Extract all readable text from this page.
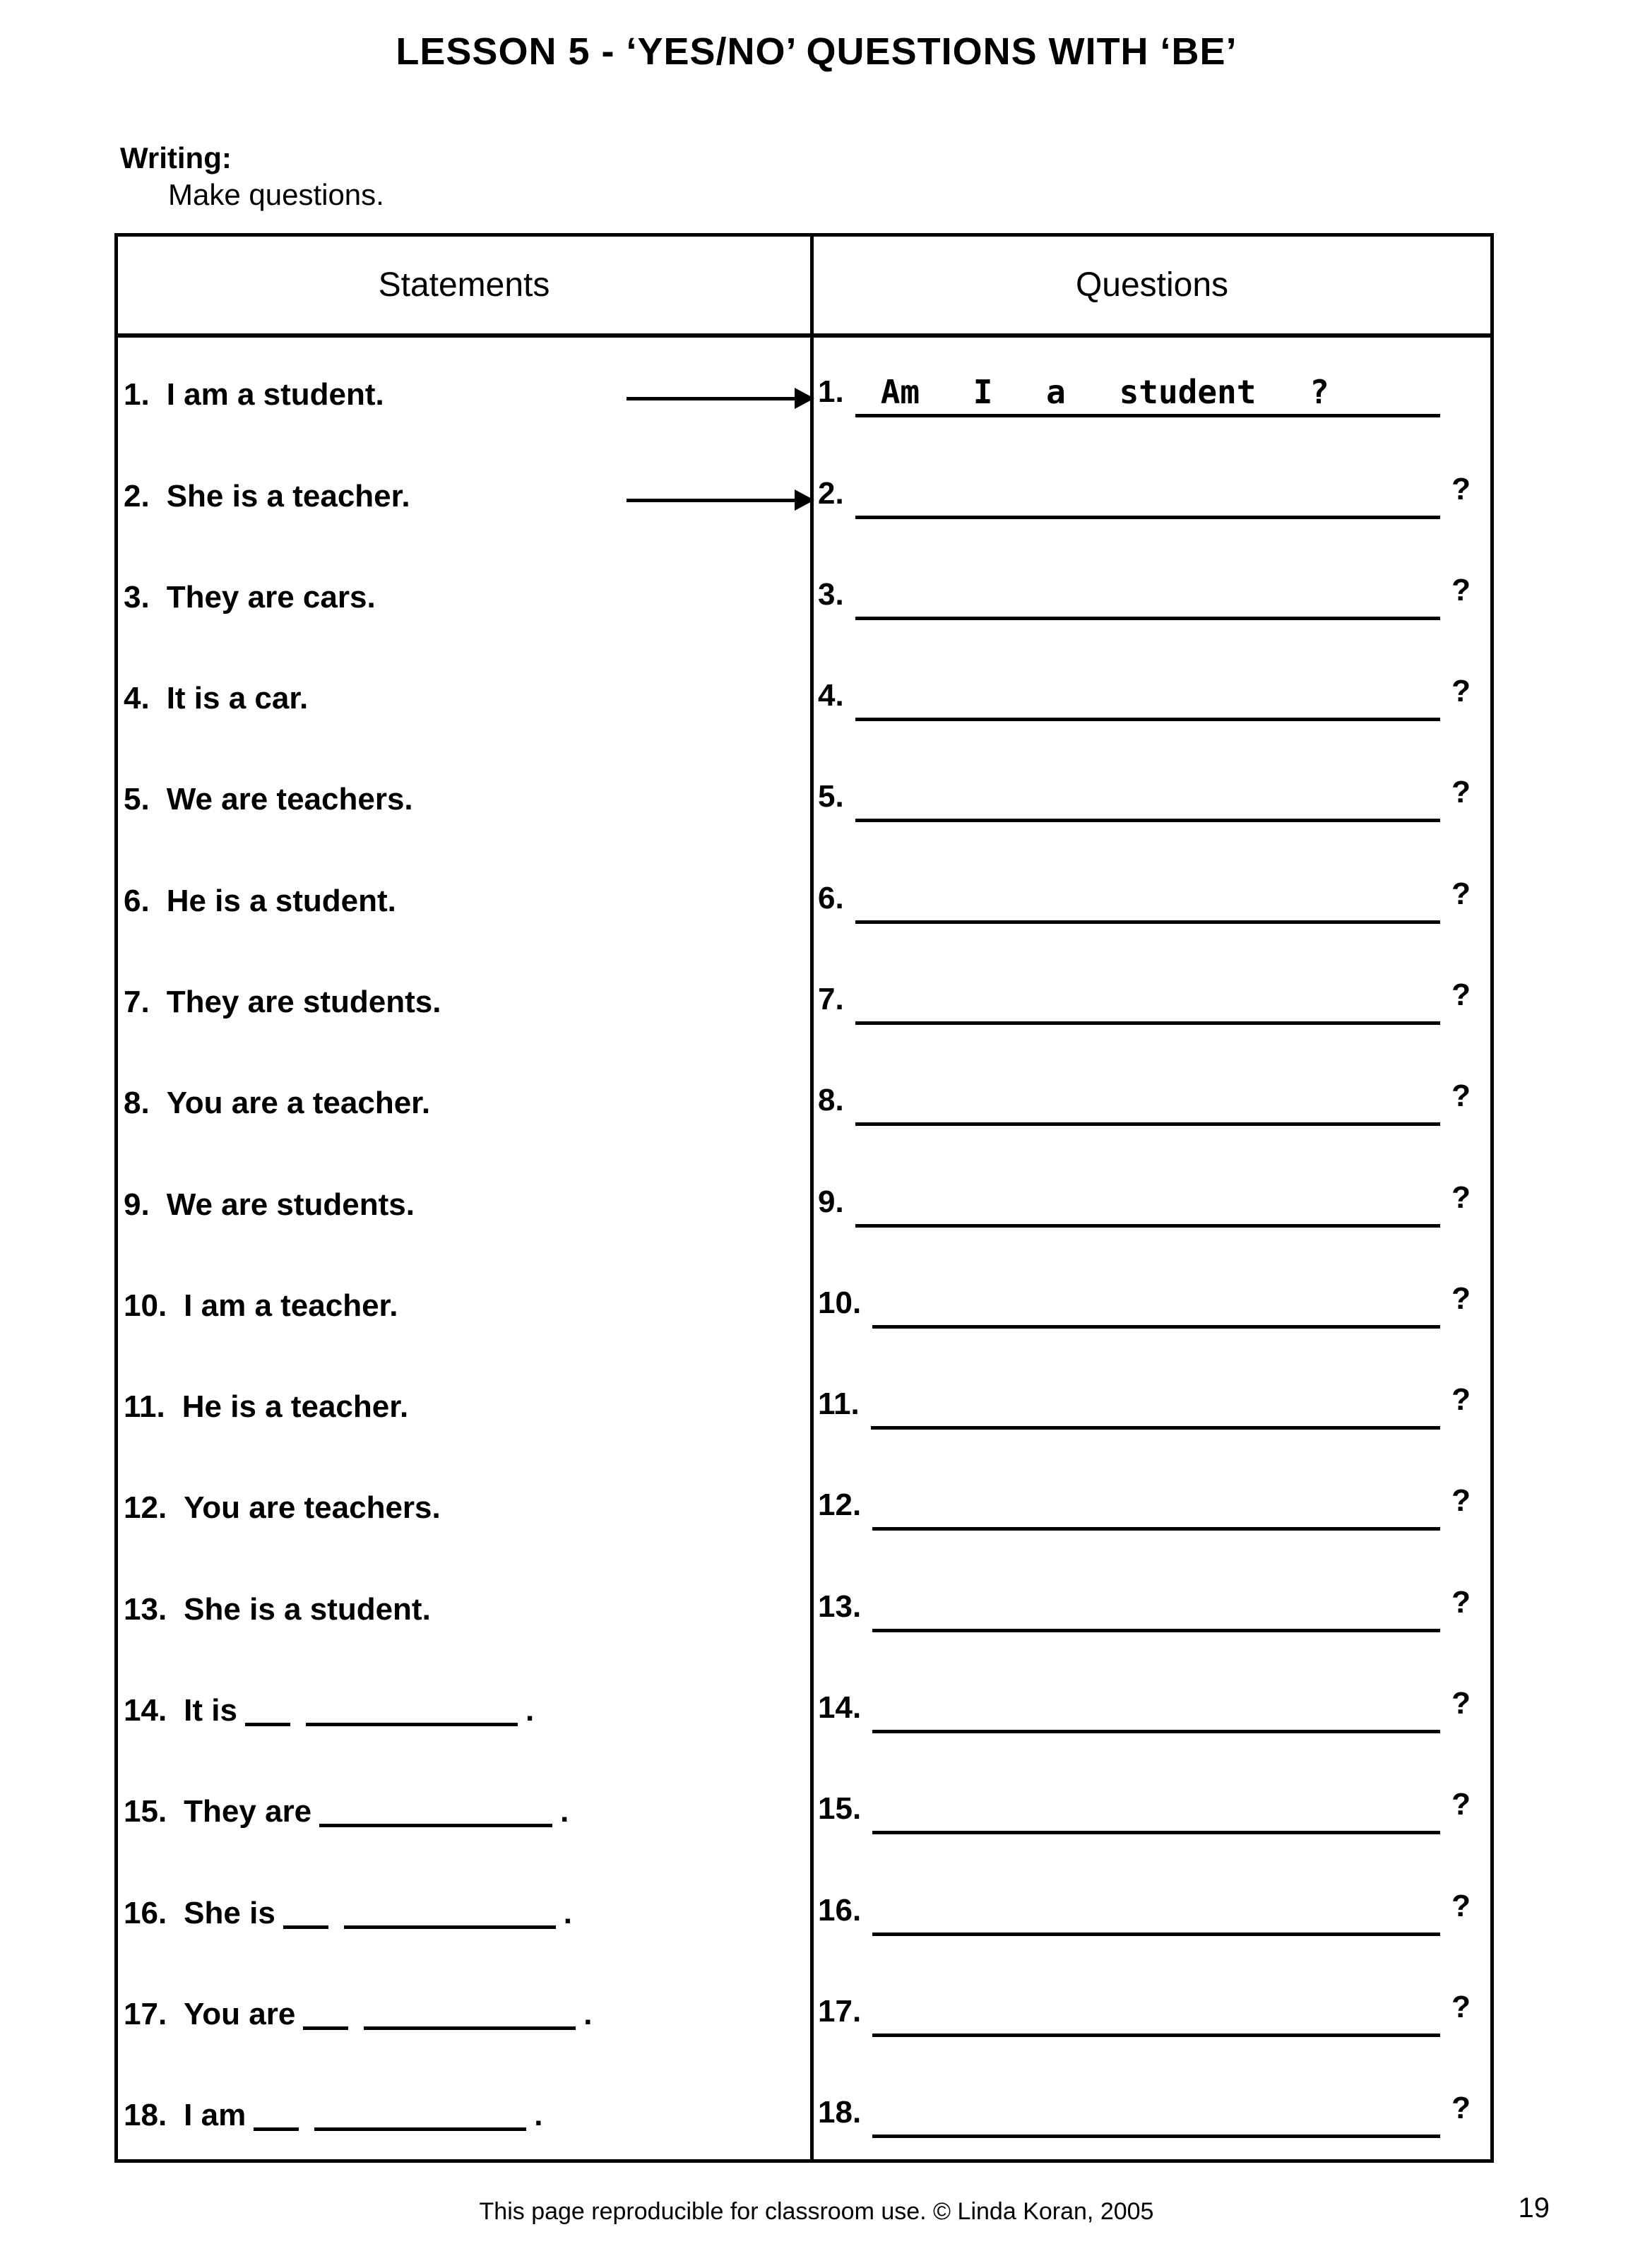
LESSON 5 - ‘YES/NO’ QUESTIONS WITH ‘BE’
Writing:
Make questions.
Statements	Questions
1. I am a student.	1.	Am I a student ?
2. She is a teacher.	2.	?
3. They are cars.	3.	?
4. It is a car.	4.	?
5. We are teachers.	5.	?
6. He is a student.	6.	?
7. They are students.	7.	?
8. You are a teacher.	8.	?
9. We are students.	9.	?
10. I am a teacher.	10.	?
11. He is a teacher.	11.	?
12. You are teachers.	12.	?
13. She is a student.	13.	?
14. It is	.	14.	?
15. They are	.	15.	?
16. She is	.	16.	?
17. You are	.	17.	?
18. I am	.	18.	?
This page reproducible for classroom use. © Linda Koran, 2005	19
